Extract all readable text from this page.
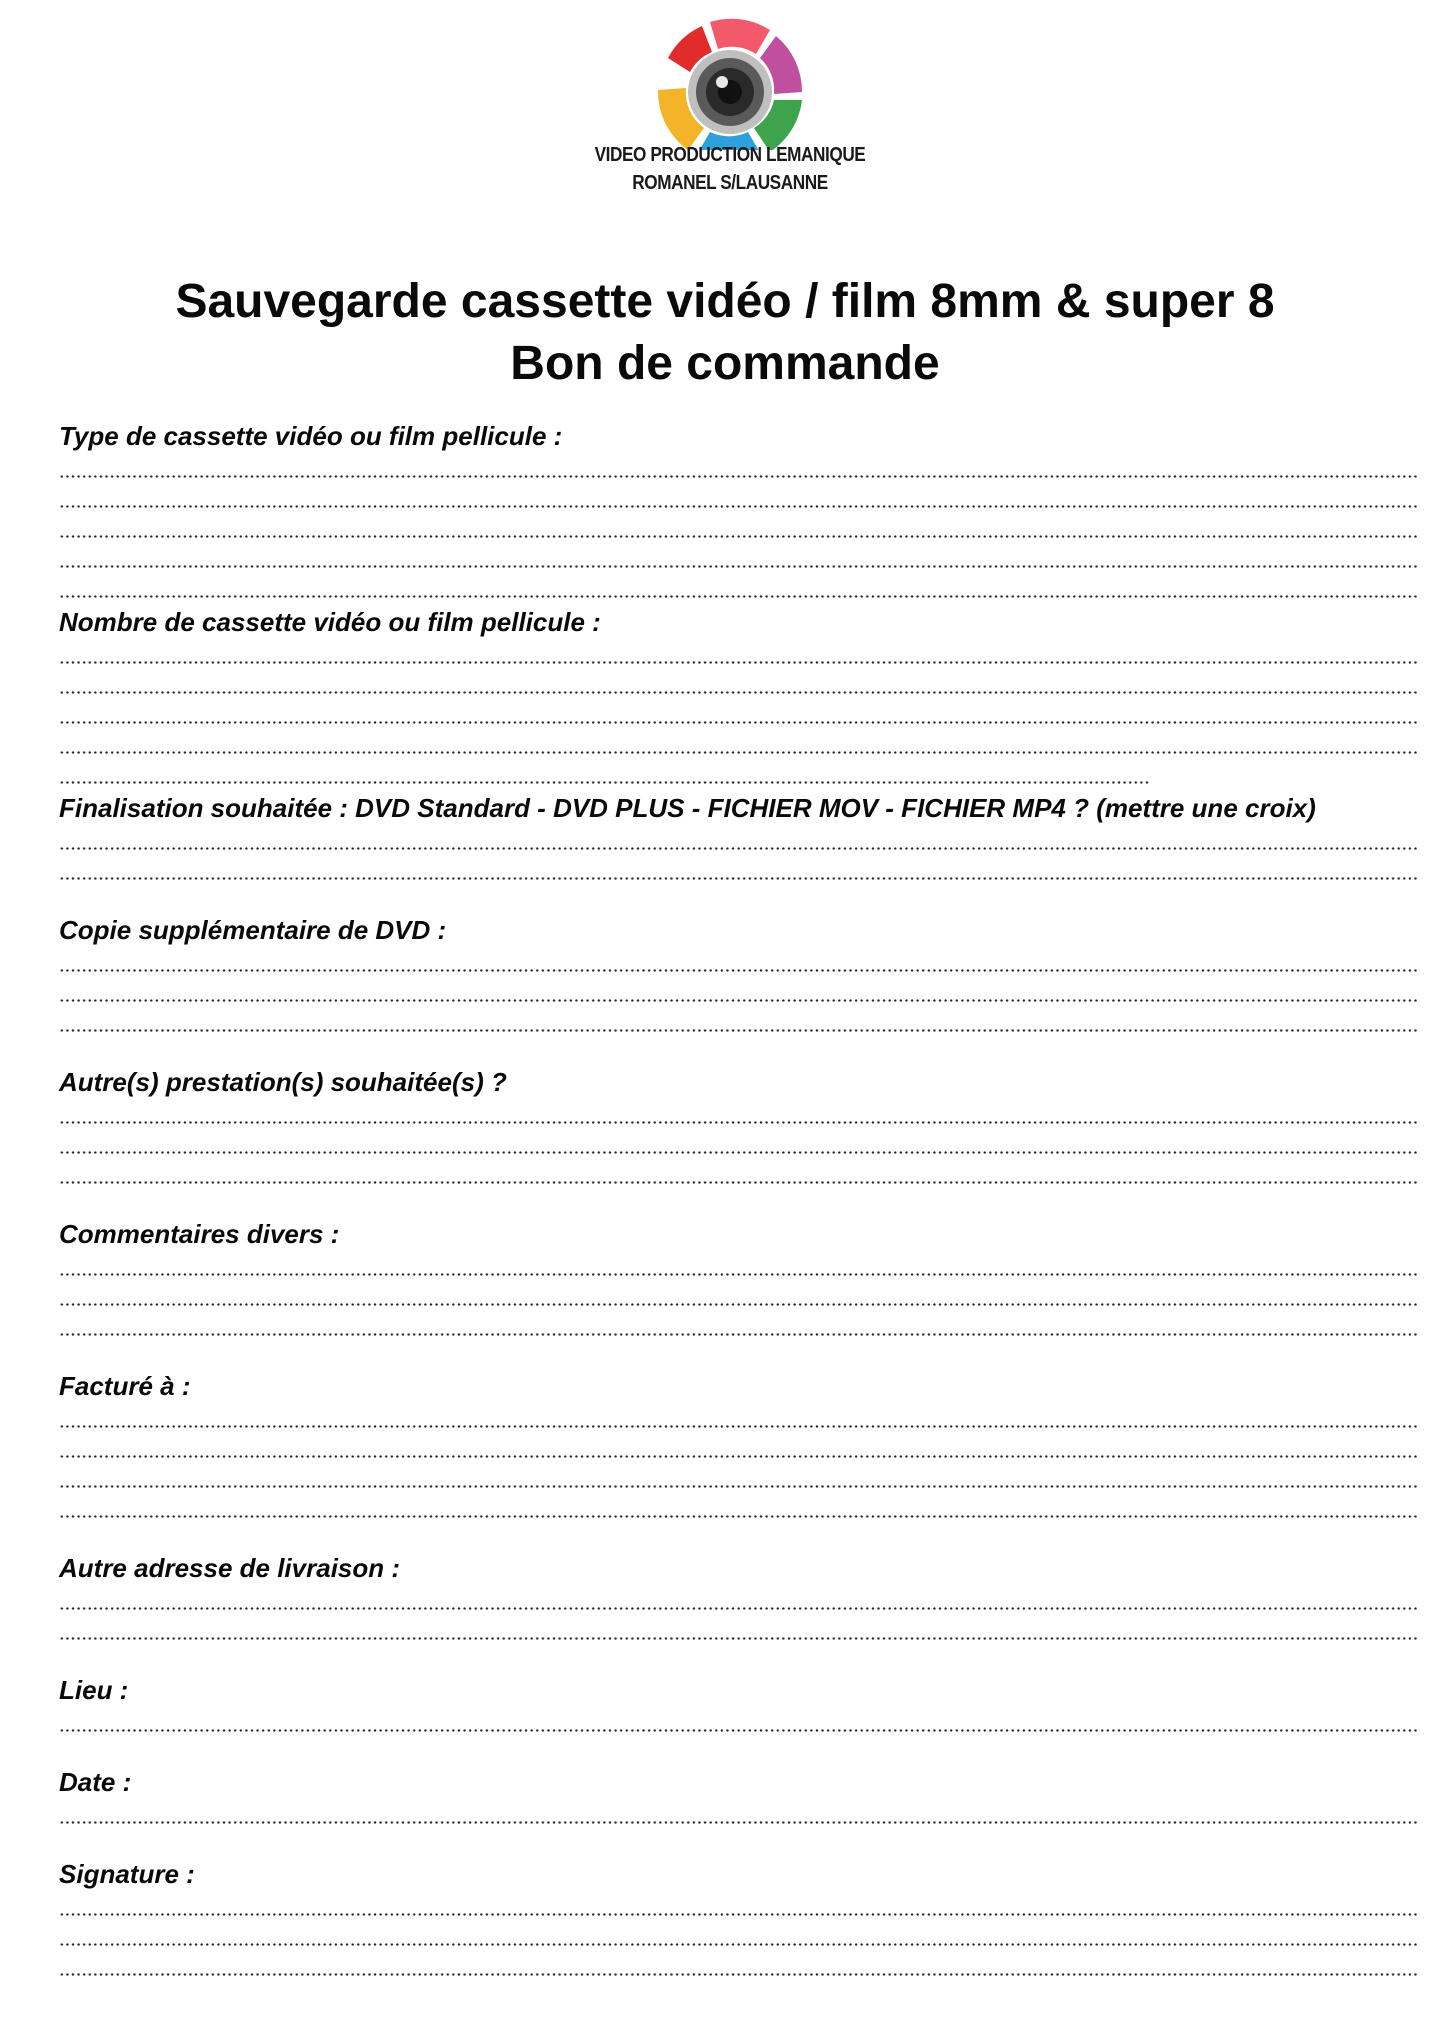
VIDEO PRODUCTION LEMANIQUE
ROMANEL S/LAUSANNE
Sauvegarde cassette vidéo / film 8mm & super 8
Bon de commande
Type de cassette vidéo ou film pellicule :
Nombre de cassette vidéo ou film pellicule :
Finalisation souhaitée : DVD Standard - DVD PLUS - FICHIER MOV - FICHIER MP4 ? (mettre une croix)
Copie supplémentaire de DVD :
Autre(s) prestation(s) souhaitée(s) ?
Commentaires divers :
Facturé à :
Autre adresse de livraison :
Lieu :
Date :
Signature :
